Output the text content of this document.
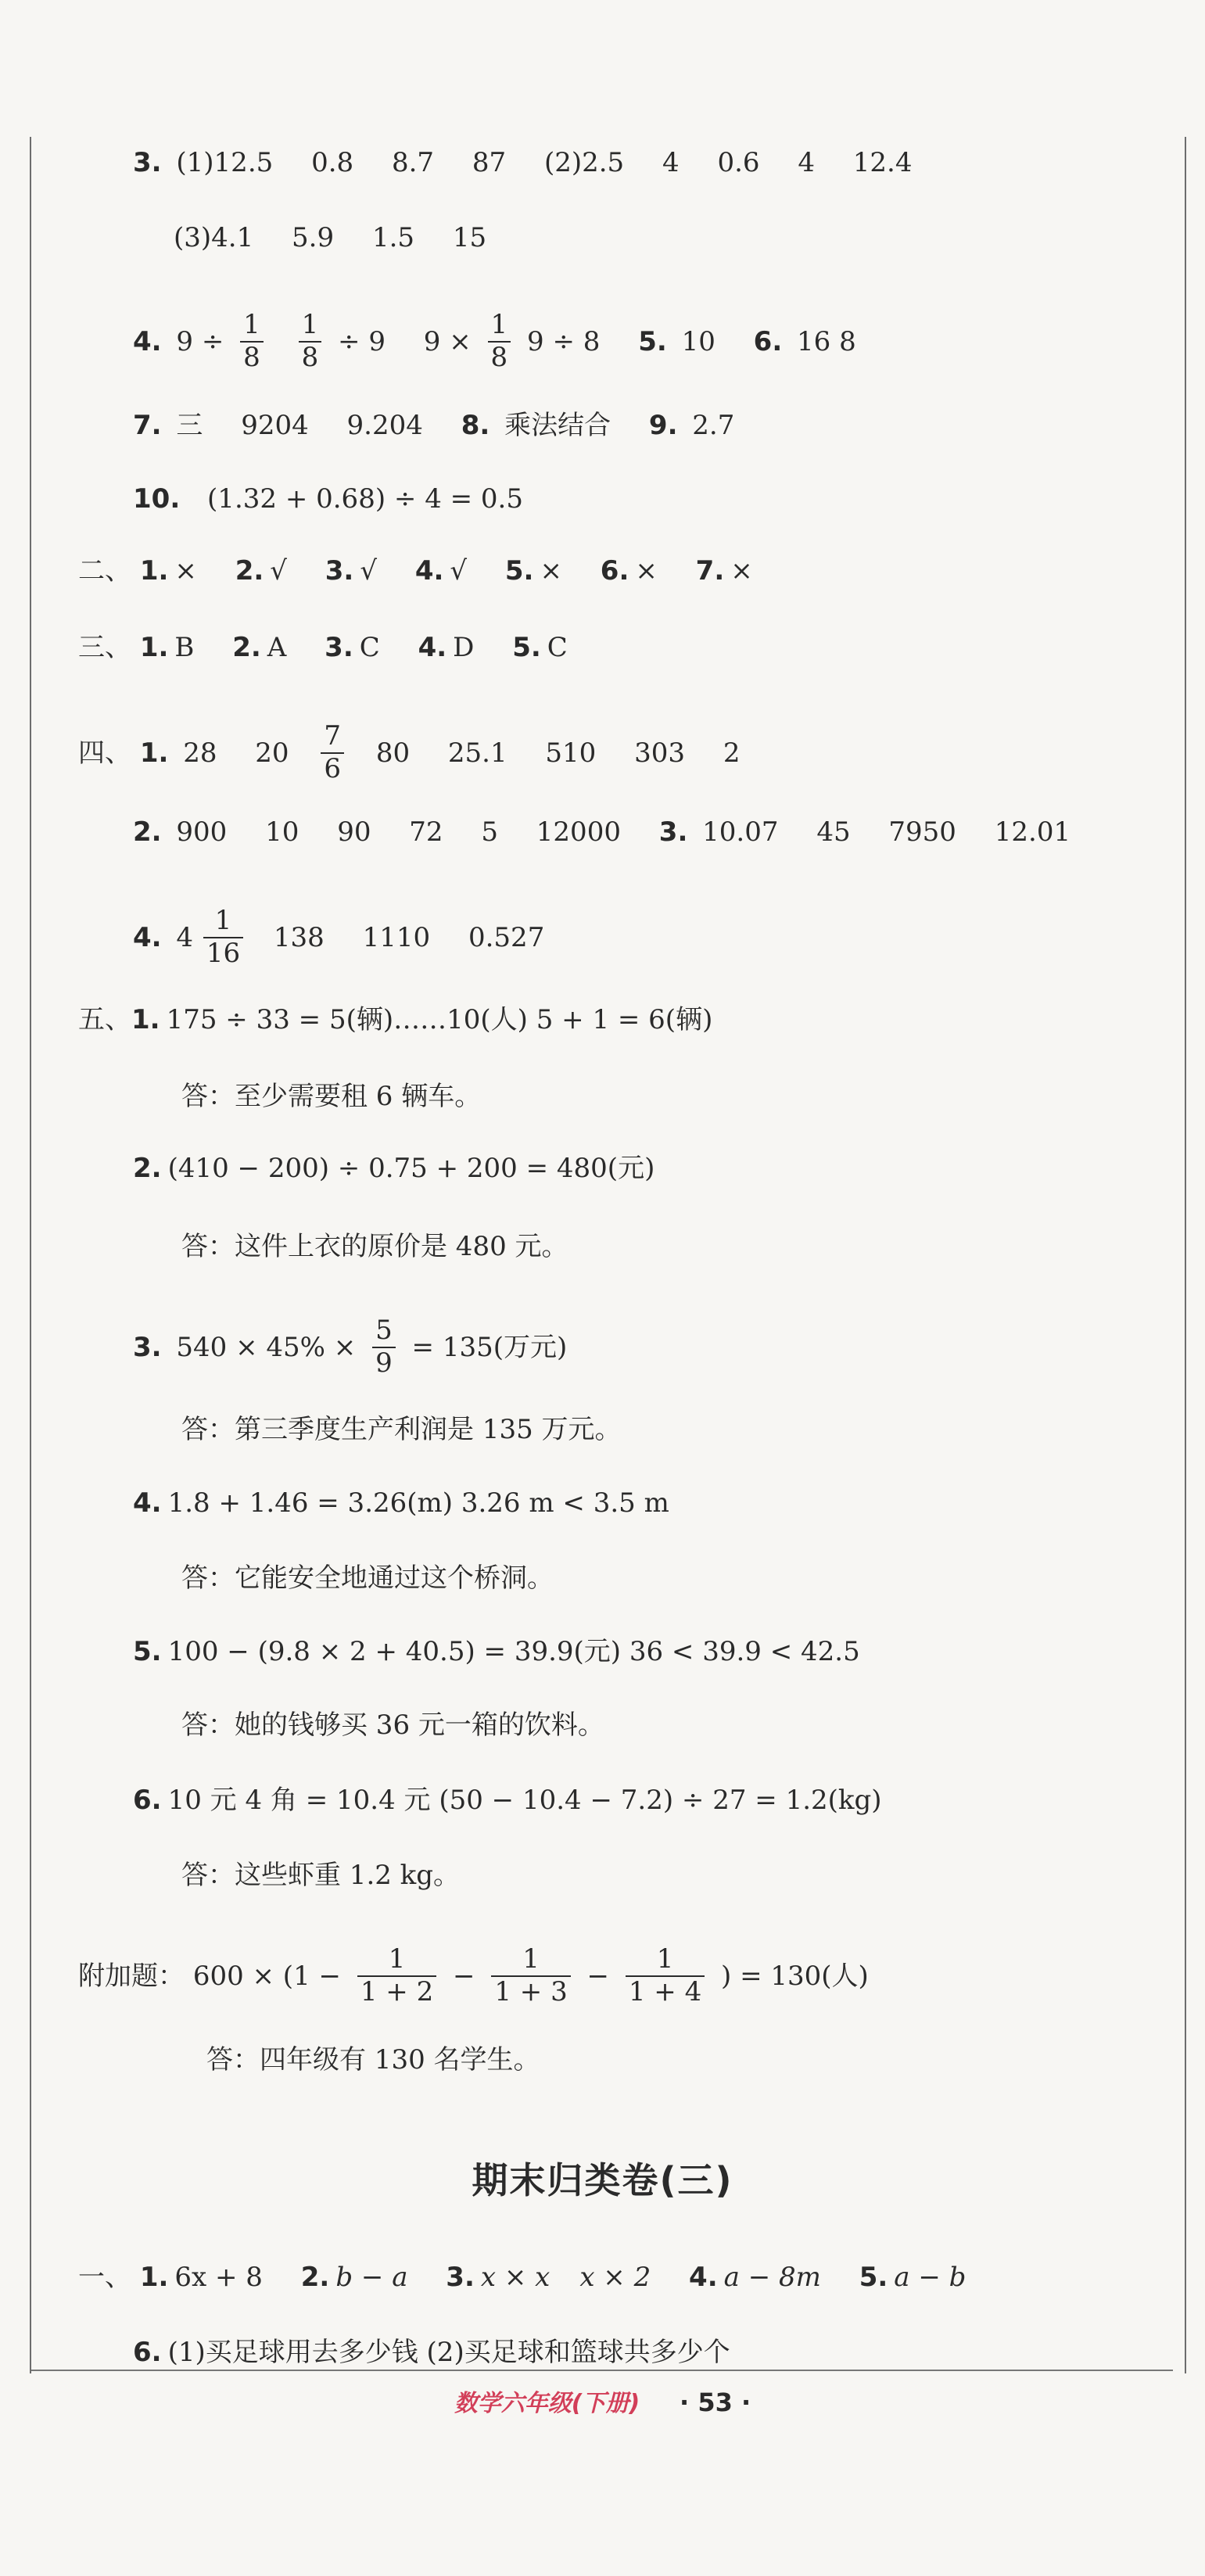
3. (1)12.5 0.8 8.7 87 (2)2.5 4 0.6 4 12.4
(3)4.1 5.9 1.5 15
4. $9 \div \frac{1}{8}$
$\frac{1}{8} \div 9$ $9 \times \frac{1}{8} 9 \div 8$ 5. 10 6. 16 8
7. 三 9204 9.204 8. 乘法结合 9. 2.7
10. (1.32 + 0.68) ÷ 4 = 0.5
二、 1. × 2. √ 3. √ 4. √ 5. × 6. × 7. ×
三、 1. B 2. A 3. C 4. D 5. C
四、 1. 28 $20 \frac{7}{6} 80$ 25.1 510 303 2
2. 900 10 90 72 5 12000 3. 10.07 45 7950 12.01
4. $4 \frac{1}{16} 138$ 1110 0.527
五、1. 175 ÷ 33 = 5(辆)……10(人) 5 + 1 = 6(辆)
答：至少需要租 6 辆车。
2. (410 − 200) ÷ 0.75 + 200 = 480(元)
答：这件上衣的原价是 480 元。
3. $540 \times 45\% \times \frac{5}{9} = 135$(万元)
答：第三季度生产利润是 135 万元。
4. 1.8 + 1.46 = 3.26(m) 3.26 m < 3.5 m
答：它能安全地通过这个桥洞。
5. 100 − (9.8 × 2 + 40.5) = 39.9(元) 36 < 39.9 < 42.5
答：她的钱够买 36 元一箱的饮料。
6. 10 元 4 角 = 10.4 元 (50 − 10.4 − 7.2) ÷ 27 = 1.2(kg)
答：这些虾重 1.2 kg。
附加题： $600 \times (1 - \frac{1}{1 + 2} - \frac{1}{1 + 3} - \frac{1}{1 + 4}$ ) = 130(人)
答：四年级有 130 名学生。
期末归类卷(三)
一、 1. 6x + 8 2. b − a 3. x × x x × 2 4. a − 8m 5. a − b
6. (1)买足球用去多少钱 (2)买足球和篮球共多少个
数学六年级(下册) · 53 ·
